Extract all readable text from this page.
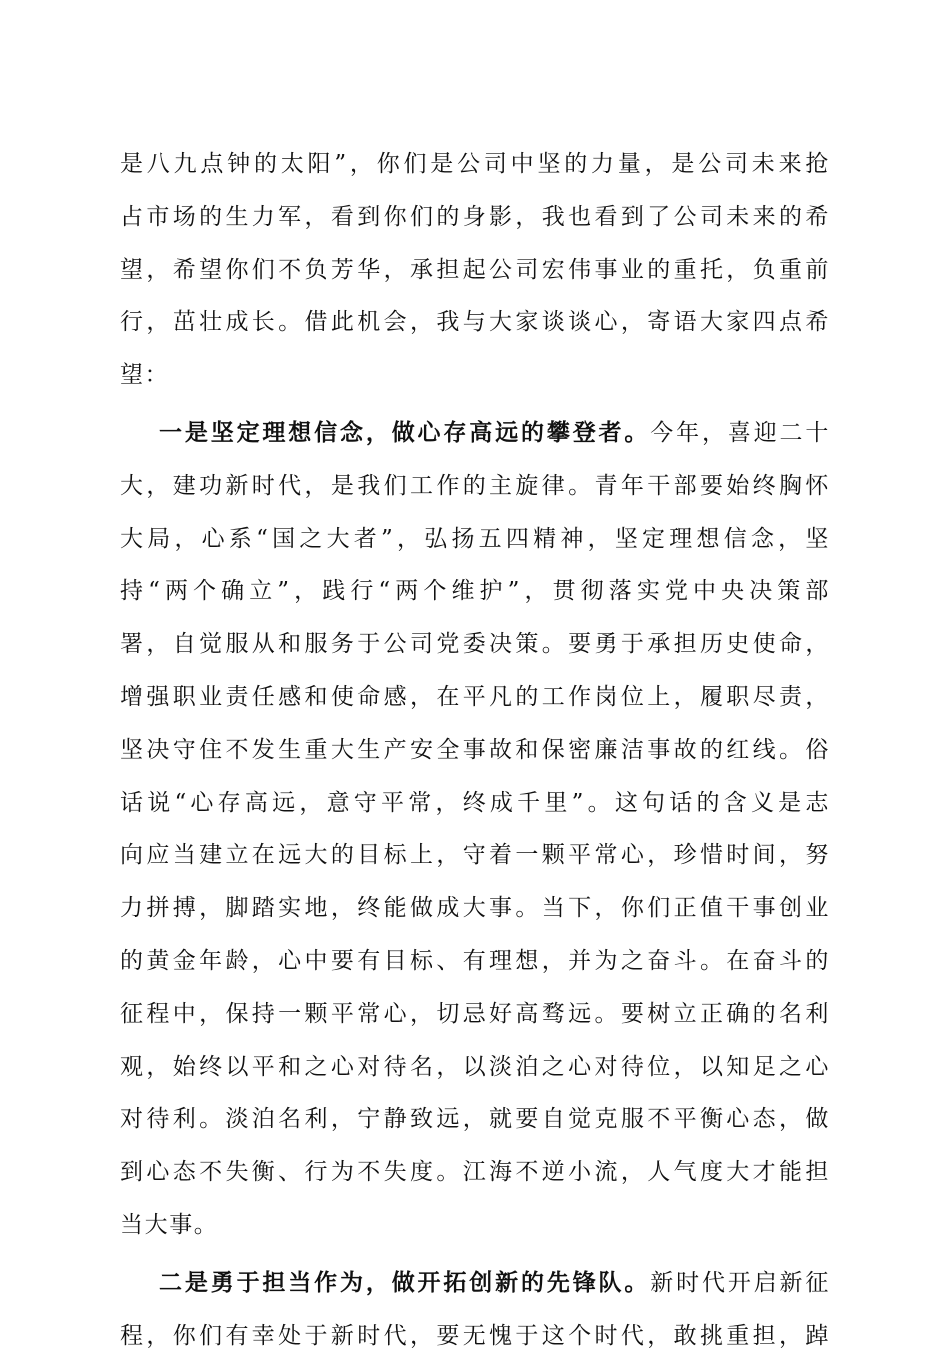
是八九点钟的太阳”，你们是公司中坚的力量，是公司未来抢
占市场的生力军，看到你们的身影，我也看到了公司未来的希
望，希望你们不负芳华，承担起公司宏伟事业的重托，负重前
行，茁壮成长。借此机会，我与大家谈谈心，寄语大家四点希
望：
一是坚定理想信念，做心存高远的攀登者。今年，喜迎二十
大，建功新时代，是我们工作的主旋律。青年干部要始终胸怀
大局，心系“国之大者”，弘扬五四精神，坚定理想信念，坚
持“两个确立”，践行“两个维护”，贯彻落实党中央决策部
署，自觉服从和服务于公司党委决策。要勇于承担历史使命，
增强职业责任感和使命感，在平凡的工作岗位上，履职尽责，
坚决守住不发生重大生产安全事故和保密廉洁事故的红线。俗
话说“心存高远，意守平常，终成千里”。这句话的含义是志
向应当建立在远大的目标上，守着一颗平常心，珍惜时间，努
力拼搏，脚踏实地，终能做成大事。当下，你们正值干事创业
的黄金年龄，心中要有目标、有理想，并为之奋斗。在奋斗的
征程中，保持一颗平常心，切忌好高骛远。要树立正确的名利
观，始终以平和之心对待名，以淡泊之心对待位，以知足之心
对待利。淡泊名利，宁静致远，就要自觉克服不平衡心态，做
到心态不失衡、行为不失度。江海不逆小流，人气度大才能担
当大事。
二是勇于担当作为，做开拓创新的先锋队。新时代开启新征
程，你们有幸处于新时代，要无愧于这个时代，敢挑重担，踔
